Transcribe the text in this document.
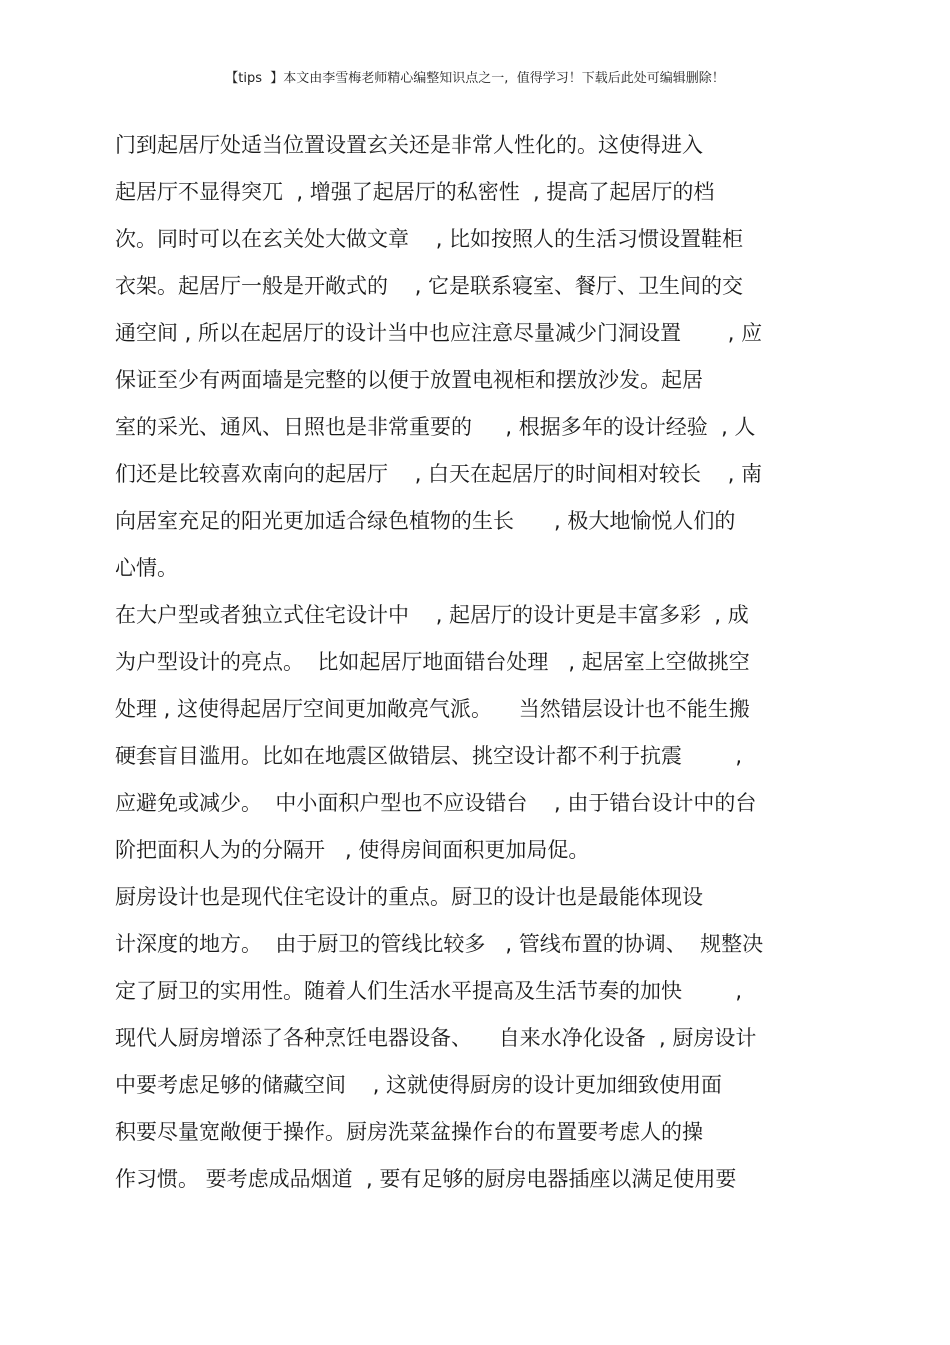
【tips  】本文由李雪梅老师精心编整知识点之一,  值得学习！下载后此处可编辑删除！
门到起居厅处适当位置设置玄关还是非常人性化的。这使得进入
起居厅不显得突兀  , 增强了起居厅的私密性  , 提高了起居厅的档
次。同时可以在玄关处大做文章    , 比如按照人的生活习惯设置鞋柜
衣架。起居厅一般是开敞式的    , 它是联系寝室、餐厅、卫生间的交
通空间 , 所以在起居厅的设计当中也应注意尽量减少门洞设置       , 应
保证至少有两面墙是完整的以便于放置电视柜和摆放沙发。起居
室的采光、通风、日照也是非常重要的     , 根据多年的设计经验  , 人
们还是比较喜欢南向的起居厅    , 白天在起居厅的时间相对较长    , 南
向居室充足的阳光更加适合绿色植物的生长      , 极大地愉悦人们的
心情。
在大户型或者独立式住宅设计中    , 起居厅的设计更是丰富多彩  , 成
为户型设计的亮点。  比如起居厅地面错台处理   , 起居室上空做挑空
处理 , 这使得起居厅空间更加敞亮气派。    当然错层设计也不能生搬
硬套盲目滥用。比如在地震区做错层、挑空设计都不利于抗震        ,
应避免或减少。  中小面积户型也不应设错台    , 由于错台设计中的台
阶把面积人为的分隔开   , 使得房间面积更加局促。
厨房设计也是现代住宅设计的重点。厨卫的设计也是最能体现设
计深度的地方。  由于厨卫的管线比较多   , 管线布置的协调、  规整决
定了厨卫的实用性。随着人们生活水平提高及生活节奏的加快        ,
现代人厨房增添了各种烹饪电器设备、    自来水净化设备  , 厨房设计
中要考虑足够的储藏空间    , 这就使得厨房的设计更加细致使用面
积要尽量宽敞便于操作。厨房洗菜盆操作台的布置要考虑人的操
作习惯。 要考虑成品烟道  , 要有足够的厨房电器插座以满足使用要
